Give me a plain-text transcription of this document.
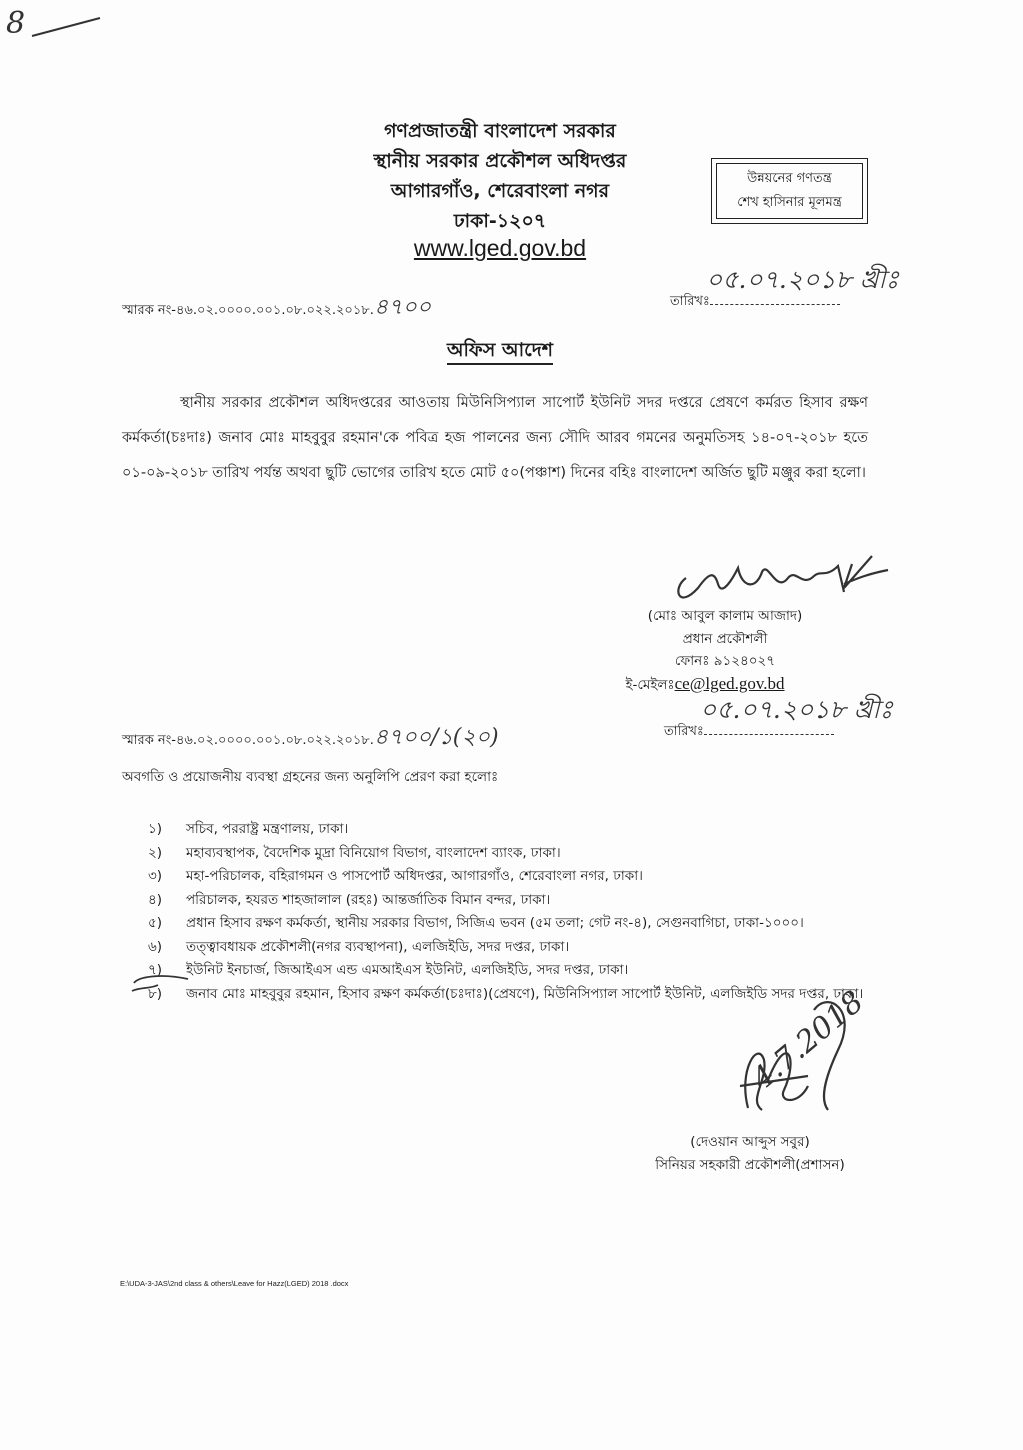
8
গণপ্রজাতন্ত্রী বাংলাদেশ সরকার
স্থানীয় সরকার প্রকৌশল অধিদপ্তর
আগারগাঁও, শেরেবাংলা নগর
ঢাকা-১২০৭
www.lged.gov.bd
উন্নয়নের গণতন্ত্র
শেখ হাসিনার মূলমন্ত্র
স্মারক নং-৪৬.০২.০০০০.০০১.০৮.০২২.২০১৮.৪৭০০	তারিখঃ
০৫.০৭.২০১৮ খ্রীঃ
অফিস আদেশ
স্থানীয় সরকার প্রকৌশল অধিদপ্তরের আওতায় মিউনিসিপ্যাল সাপোর্ট ইউনিট সদর দপ্তরে প্রেষণে কর্মরত হিসাব রক্ষণ কর্মকর্তা(চঃদাঃ) জনাব মোঃ মাহবুবুর রহমান'কে পবিত্র হজ পালনের জন্য সৌদি আরব গমনের অনুমতিসহ ১৪-০৭-২০১৮ হতে ০১-০৯-২০১৮ তারিখ পর্যন্ত অথবা ছুটি ভোগের তারিখ হতে মোট ৫০(পঞ্চাশ) দিনের বহিঃ বাংলাদেশ অর্জিত ছুটি মঞ্জুর করা হলো।
(মোঃ আবুল কালাম আজাদ)
প্রধান প্রকৌশলী
ফোনঃ ৯১২৪০২৭
ই-মেইলঃce@lged.gov.bd
স্মারক নং-৪৬.০২.০০০০.০০১.০৮.০২২.২০১৮.৪৭০০/১(২০)	তারিখঃ
০৫.০৭.২০১৮ খ্রীঃ
অবগতি ও প্রয়োজনীয় ব্যবস্থা গ্রহনের জন্য অনুলিপি প্রেরণ করা হলোঃ
১)	সচিব, পররাষ্ট্র মন্ত্রণালয়, ঢাকা।
২)	মহাব্যবস্থাপক, বৈদেশিক মুদ্রা বিনিয়োগ বিভাগ, বাংলাদেশ ব্যাংক, ঢাকা।
৩)	মহা-পরিচালক, বহিরাগমন ও পাসপোর্ট অধিদপ্তর, আগারগাঁও, শেরেবাংলা নগর, ঢাকা।
৪)	পরিচালক, হযরত শাহজালাল (রহঃ) আন্তর্জাতিক বিমান বন্দর, ঢাকা।
৫)	প্রধান হিসাব রক্ষণ কর্মকর্তা, স্থানীয় সরকার বিভাগ, সিজিএ ভবন (৫ম তলা; গেট নং-৪), সেগুনবাগিচা, ঢাকা-১০০০।
৬)	তত্ত্বাবধায়ক প্রকৌশলী(নগর ব্যবস্থাপনা), এলজিইডি, সদর দপ্তর, ঢাকা।
৭)	ইউনিট ইনচার্জ, জিআইএস এন্ড এমআইএস ইউনিট, এলজিইডি, সদর দপ্তর, ঢাকা।
৮)	জনাব মোঃ মাহবুবুর রহমান, হিসাব রক্ষণ কর্মকর্তা(চঃদাঃ)(প্রেষণে), মিউনিসিপ্যাল সাপোর্ট ইউনিট, এলজিইডি সদর দপ্তর, ঢাকা।
4.7.2018
(দেওয়ান আব্দুস সবুর)
সিনিয়র সহকারী প্রকৌশলী(প্রশাসন)
E:\UDA-3-JAS\2nd class & others\Leave for Hazz(LGED) 2018 .docx
